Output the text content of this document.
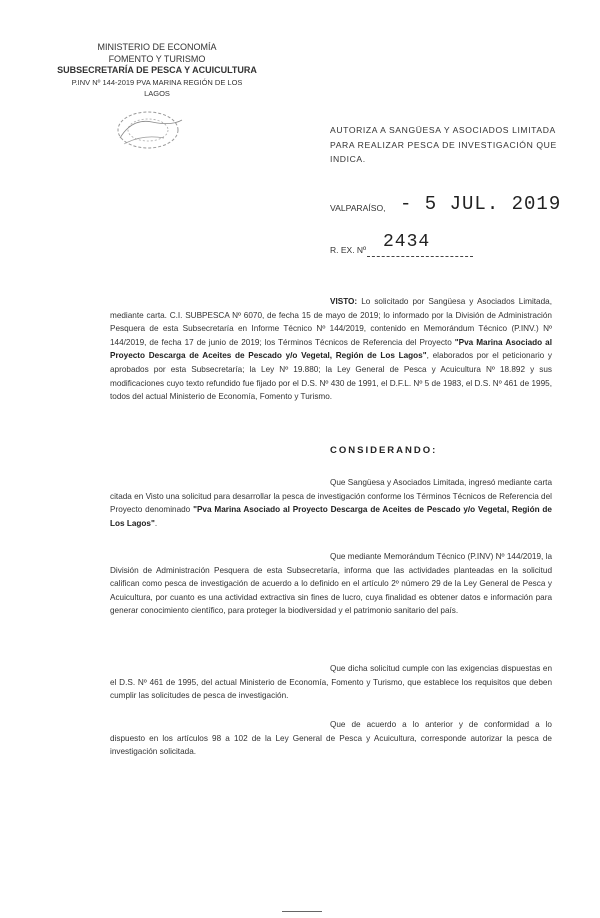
MINISTERIO DE ECONOMÍA
FOMENTO Y TURISMO
SUBSECRETARÍA DE PESCA Y ACUICULTURA
P.INV Nº 144-2019 PVA MARINA REGIÓN DE LOS
LAGOS
AUTORIZA A SANGÜESA Y ASOCIADOS LIMITADA PARA REALIZAR PESCA DE INVESTIGACIÓN QUE INDICA.
VALPARAÍSO, - 5 JUL. 2019
R. EX. Nº 2434
VISTO: Lo solicitado por Sangüesa y Asociados Limitada, mediante carta. C.I. SUBPESCA Nº 6070, de fecha 15 de mayo de 2019; lo informado por la División de Administración Pesquera de esta Subsecretaría en Informe Técnico Nº 144/2019, contenido en Memorándum Técnico (P.INV.) Nº 144/2019, de fecha 17 de junio de 2019; los Términos Técnicos de Referencia del Proyecto "Pva Marina Asociado al Proyecto Descarga de Aceites de Pescado y/o Vegetal, Región de Los Lagos", elaborados por el peticionario y aprobados por esta Subsecretaría; la Ley Nº 19.880; la Ley General de Pesca y Acuicultura Nº 18.892 y sus modificaciones cuyo texto refundido fue fijado por el D.S. Nº 430 de 1991, el D.F.L. Nº 5 de 1983, el D.S. Nº 461 de 1995, todos del actual Ministerio de Economía, Fomento y Turismo.
CONSIDERANDO:
Que Sangüesa y Asociados Limitada, ingresó mediante carta citada en Visto una solicitud para desarrollar la pesca de investigación conforme los Términos Técnicos de Referencia del Proyecto denominado "Pva Marina Asociado al Proyecto Descarga de Aceites de Pescado y/o Vegetal, Región de Los Lagos".
Que mediante Memorándum Técnico (P.INV) Nº 144/2019, la División de Administración Pesquera de esta Subsecretaría, informa que las actividades planteadas en la solicitud califican como pesca de investigación de acuerdo a lo definido en el artículo 2º número 29 de la Ley General de Pesca y Acuicultura, por cuanto es una actividad extractiva sin fines de lucro, cuya finalidad es obtener datos e información para generar conocimiento científico, para proteger la biodiversidad y el patrimonio sanitario del país.
Que dicha solicitud cumple con las exigencias dispuestas en el D.S. Nº 461 de 1995, del actual Ministerio de Economía, Fomento y Turismo, que establece los requisitos que deben cumplir las solicitudes de pesca de investigación.
Que de acuerdo a lo anterior y de conformidad a lo dispuesto en los artículos 98 a 102 de la Ley General de Pesca y Acuicultura, corresponde autorizar la pesca de investigación solicitada.
